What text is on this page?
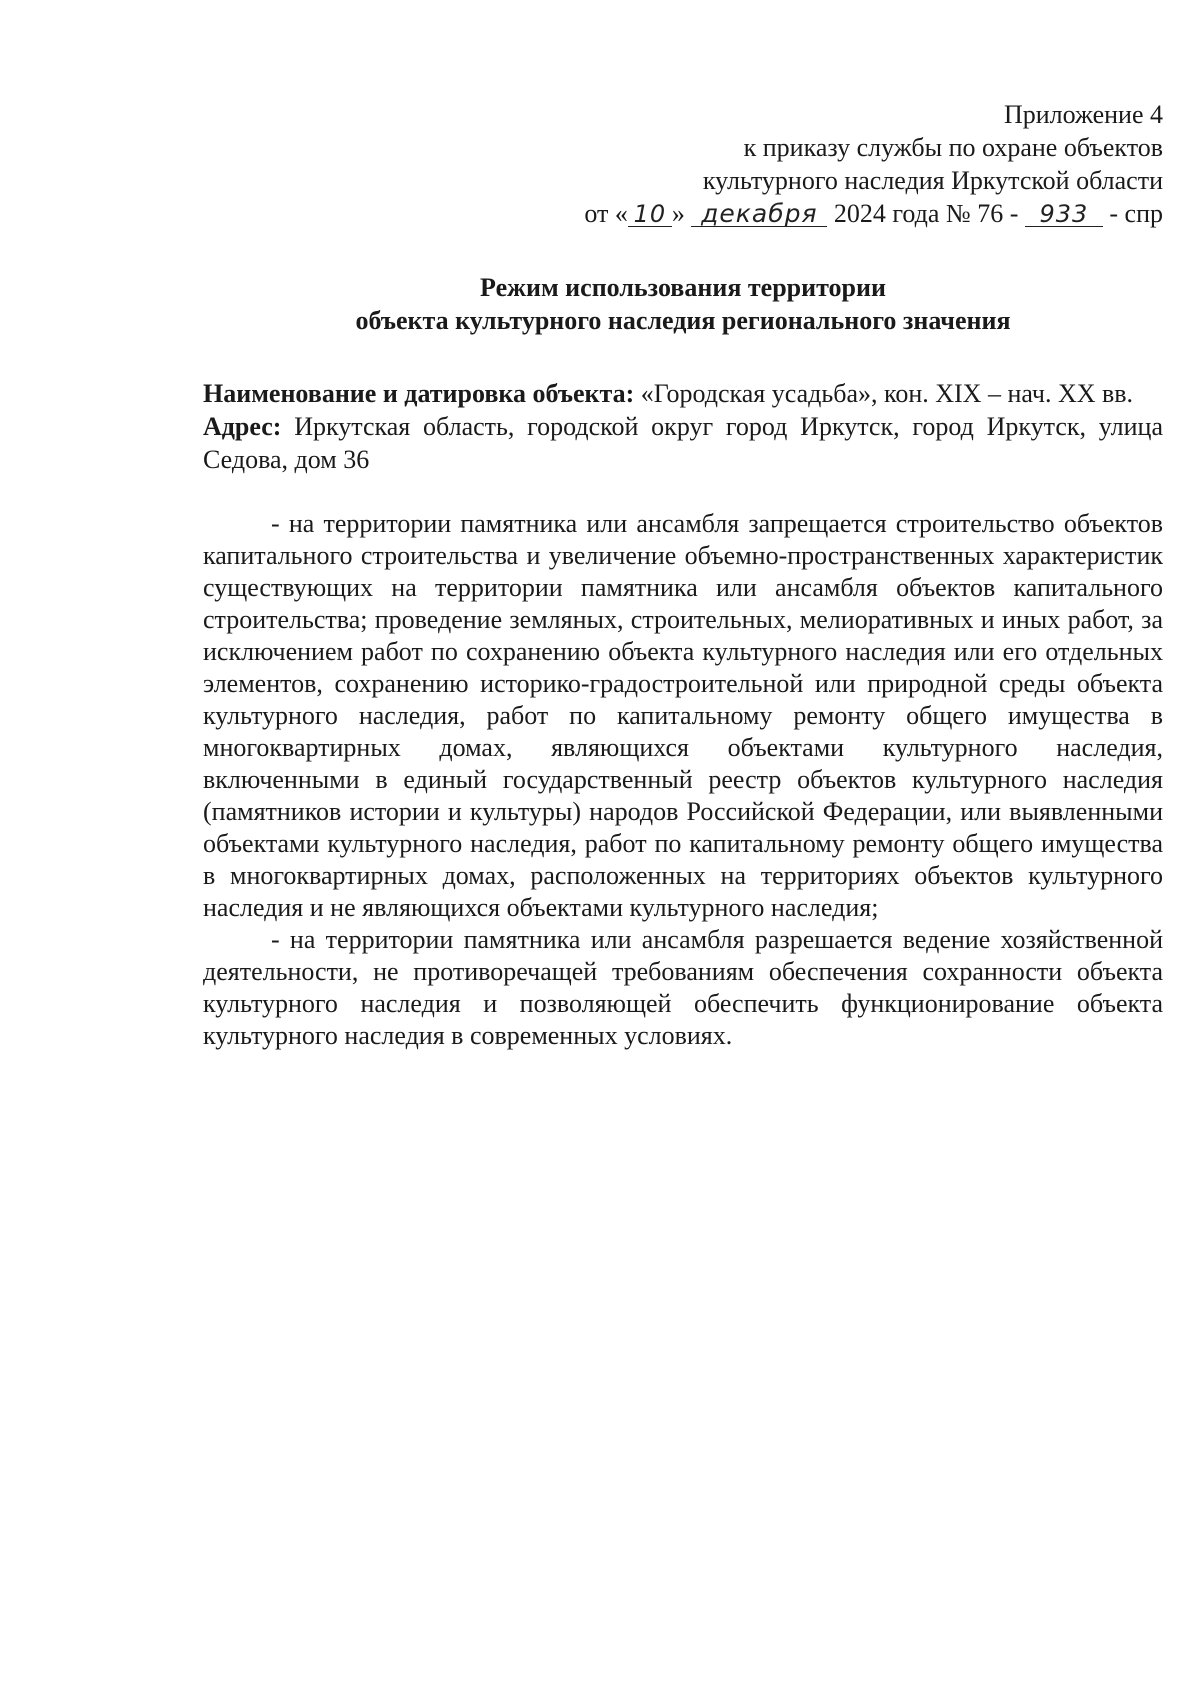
Приложение 4
к приказу службы по охране объектов
культурного наследия Иркутской области
от « 10 » декабря 2024 года № 76 - 933 - спр
Режим использования территории
объекта культурного наследия регионального значения

Наименование и датировка объекта: «Городская усадьба», кон. XIX – нач. XX вв.

Адрес: Иркутская область, городской округ город Иркутск, город Иркутск, улица Седова, дом 36

- на территории памятника или ансамбля запрещается строительство объектов капитального строительства и увеличение объемно-пространственных характеристик существующих на территории памятника или ансамбля объектов капитального строительства; проведение земляных, строительных, мелиоративных и иных работ, за исключением работ по сохранению объекта культурного наследия или его отдельных элементов, сохранению историко-градостроительной или природной среды объекта культурного наследия, работ по капитальному ремонту общего имущества в многоквартирных домах, являющихся объектами культурного наследия, включенными в единый государственный реестр объектов культурного наследия (памятников истории и культуры) народов Российской Федерации, или выявленными объектами культурного наследия, работ по капитальному ремонту общего имущества в многоквартирных домах, расположенных на территориях объектов культурного наследия и не являющихся объектами культурного наследия;

- на территории памятника или ансамбля разрешается ведение хозяйственной деятельности, не противоречащей требованиям обеспечения сохранности объекта культурного наследия и позволяющей обеспечить функционирование объекта культурного наследия в современных условиях.
